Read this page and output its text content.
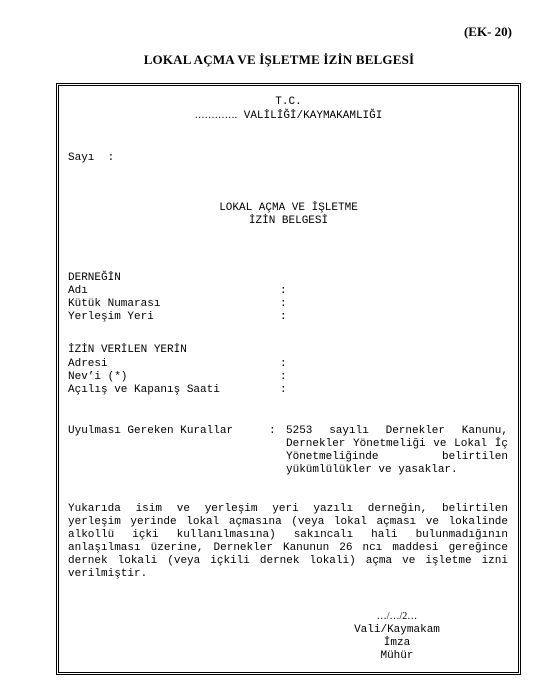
(EK- 20)
LOKAL AÇMA VE İŞLETME İZİN BELGESİ
T.C.
…………. VALİLİĞİ/KAYMAKAMLIĞI
Sayı  :
LOKAL AÇMA VE İŞLETME
İZİN BELGESİ
DERNEĞİN
Adı	:
Kütük Numarası	:
Yerleşim Yeri	:
İZİN VERİLEN YERİN
Adresi	:
Nev’i (*)	:
Açılış ve Kapanış Saati	:
Uyulması Gereken Kurallar	: 5253 sayılı Dernekler Kanunu, Dernekler Yönetmeliği ve Lokal İç Yönetmeliğinde belirtilen yükümlülükler ve yasaklar.
Yukarıda isim ve yerleşim yeri yazılı derneğin, belirtilen yerleşim yerinde lokal açmasına (veya lokal açması ve lokalinde alkollü içki kullanılmasına) sakıncalı hali bulunmadığının anlaşılması üzerine, Dernekler Kanunun 26 ncı maddesi gereğince dernek lokali (veya içkili dernek lokali) açma ve işletme izni verilmiştir.
…/…/2…
Vali/Kaymakam
İmza
Mühür
